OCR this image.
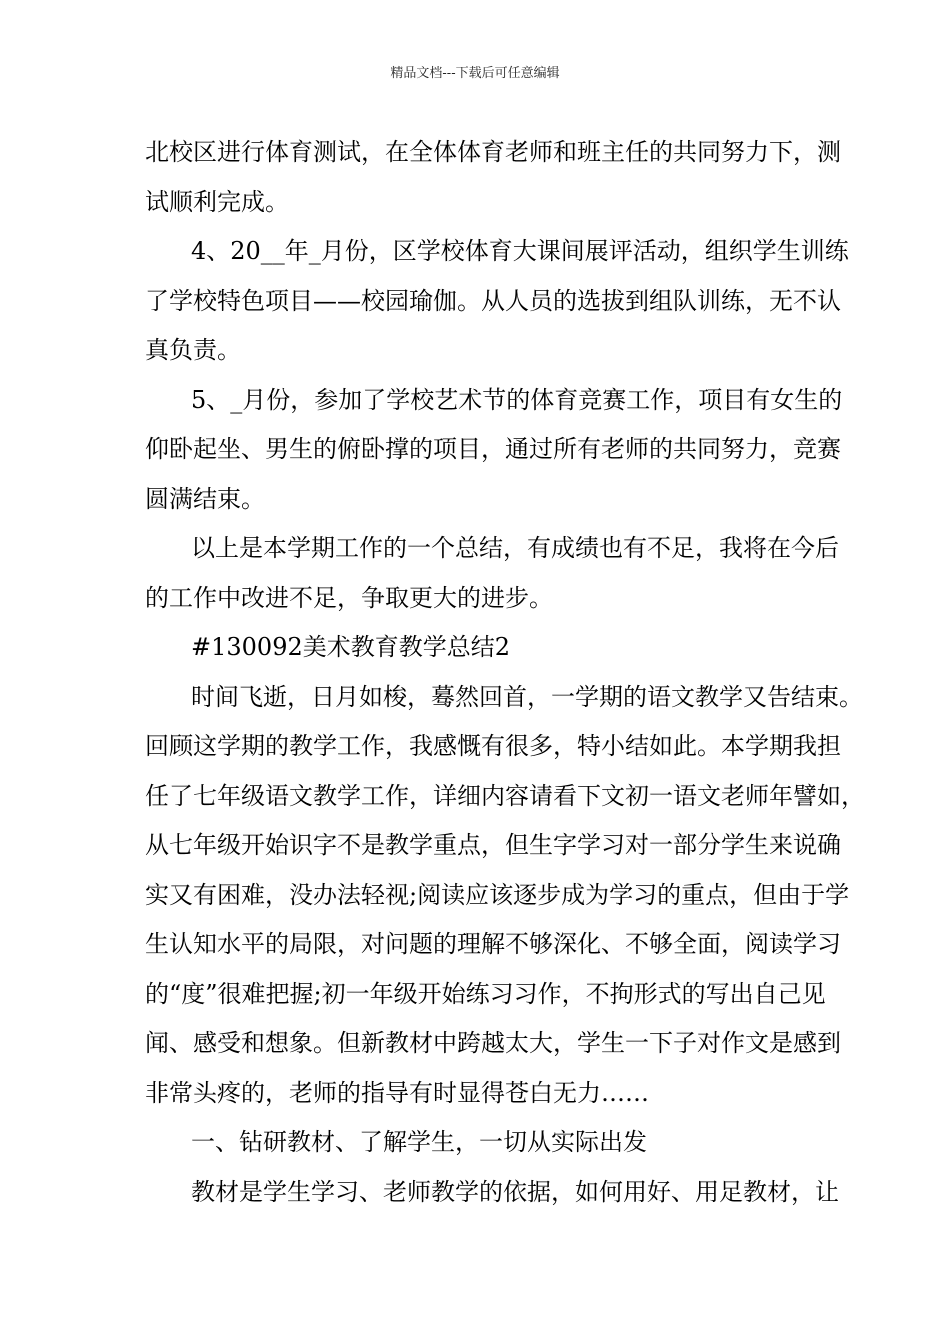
精品文档---下载后可任意编辑
北校区进行体育测试，在全体体育老师和班主任的共同努力下，测
试顺利完成。
4、20__年_月份，区学校体育大课间展评活动，组织学生训练
了学校特色项目——校园瑜伽。从人员的选拔到组队训练，无不认
真负责。
5、_月份，参加了学校艺术节的体育竞赛工作，项目有女生的
仰卧起坐、男生的俯卧撑的项目，通过所有老师的共同努力，竞赛
圆满结束。
以上是本学期工作的一个总结，有成绩也有不足，我将在今后
的工作中改进不足，争取更大的进步。
#130092美术教育教学总结2
时间飞逝，日月如梭，蓦然回首，一学期的语文教学又告结束。
回顾这学期的教学工作，我感慨有很多，特小结如此。本学期我担
任了七年级语文教学工作，详细内容请看下文初一语文老师年譬如，
从七年级开始识字不是教学重点，但生字学习对一部分学生来说确
实又有困难，没办法轻视;阅读应该逐步成为学习的重点，但由于学
生认知水平的局限，对问题的理解不够深化、不够全面，阅读学习
的“度”很难把握;初一年级开始练习习作，不拘形式的写出自己见
闻、感受和想象。但新教材中跨越太大，学生一下子对作文是感到
非常头疼的，老师的指导有时显得苍白无力……
一、钻研教材、了解学生，一切从实际出发
教材是学生学习、老师教学的依据，如何用好、用足教材，让
